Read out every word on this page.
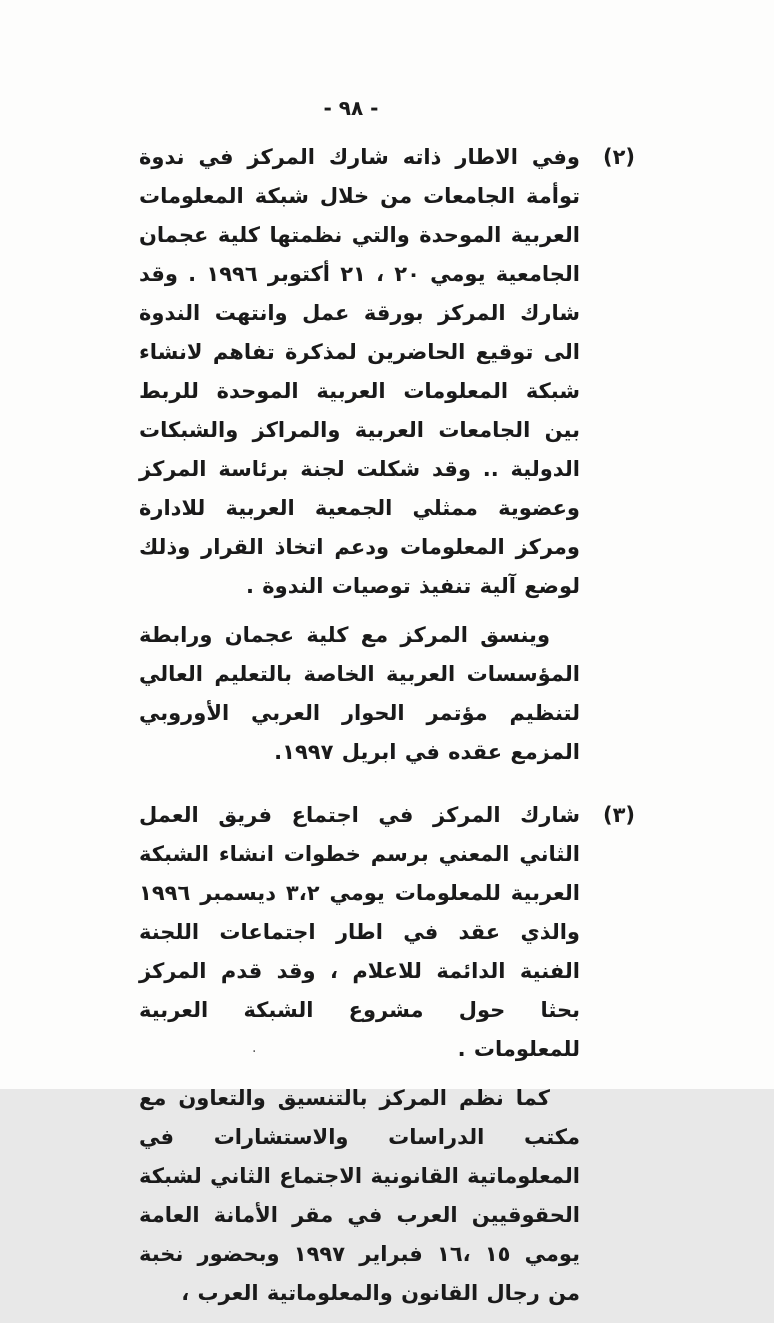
- ٩٨ -
(٢)

وفي الاطار ذاته شارك المركز في ندوة توأمة الجامعات من خلال شبكة المعلومات العربية الموحدة والتي نظمتها كلية عجمان الجامعية يومي ٢٠ ، ٢١ أكتوبر ١٩٩٦ . وقد شارك المركز بورقة عمل وانتهت الندوة الى توقيع الحاضرين لمذكرة تفاهم لانشاء شبكة المعلومات العربية الموحدة للربط بين الجامعات العربية والمراكز والشبكات الدولية .. وقد شكلت لجنة برئاسة المركز وعضوية ممثلي الجمعية العربية للادارة ومركز المعلومات ودعم اتخاذ القرار وذلك لوضع آلية تنفيذ توصيات الندوة .

وينسق المركز مع كلية عجمان ورابطة المؤسسات العربية الخاصة بالتعليم العالي لتنظيم مؤتمر الحوار العربي الأوروبي المزمع عقده في ابريل ١٩٩٧.

(٣)

شارك المركز في اجتماع فريق العمل الثاني المعني برسم خطوات انشاء الشبكة العربية للمعلومات يومي ٣،٢ ديسمبر ١٩٩٦ والذي عقد في اطار اجتماعات اللجنة الفنية الدائمة للاعلام ، وقد قدم المركز بحثا حول مشروع الشبكة العربية للمعلومات .

كما نظم المركز بالتنسيق والتعاون مع مكتب الدراسات والاستشارات في المعلوماتية القانونية الاجتماع الثاني لشبكة الحقوقيين العرب في مقر الأمانة العامة يومي ١٥ ،١٦ فبراير ١٩٩٧ وبحضور نخبة من رجال القانون والمعلوماتية العرب ،

.
